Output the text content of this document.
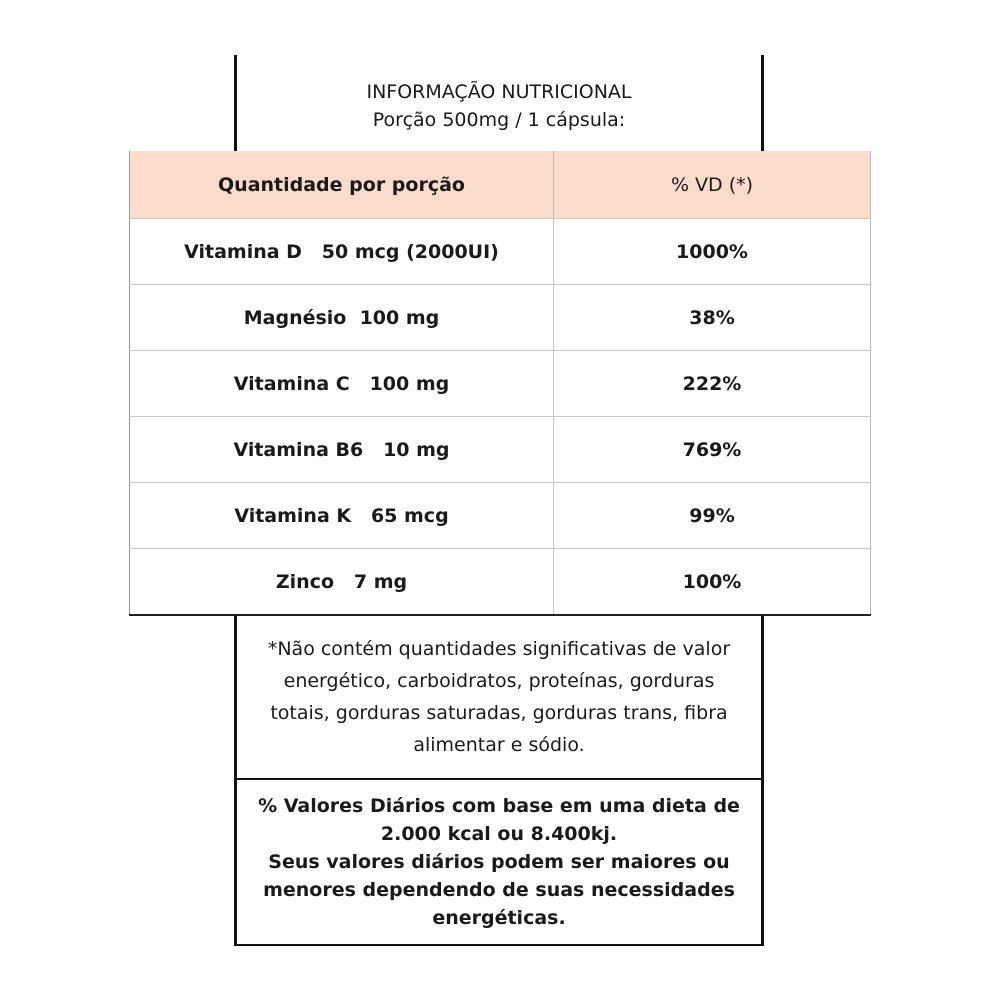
INFORMAÇÃO NUTRICIONAL
Porção 500mg / 1 cápsula:
Quantidade por porção	% VD (*)
Vitamina D   50 mcg (2000UI)	1000%
Magnésio  100 mg	38%
Vitamina C   100 mg	222%
Vitamina B6   10 mg	769%
Vitamina K   65 mcg	99%
Zinco   7 mg	100%
*Não contém quantidades significativas de valor energético, carboidratos, proteínas, gorduras totais, gorduras saturadas, gorduras trans, fibra alimentar e sódio.
% Valores Diários com base em uma dieta de 2.000 kcal ou 8.400kj.
Seus valores diários podem ser maiores ou menores dependendo de suas necessidades energéticas.
